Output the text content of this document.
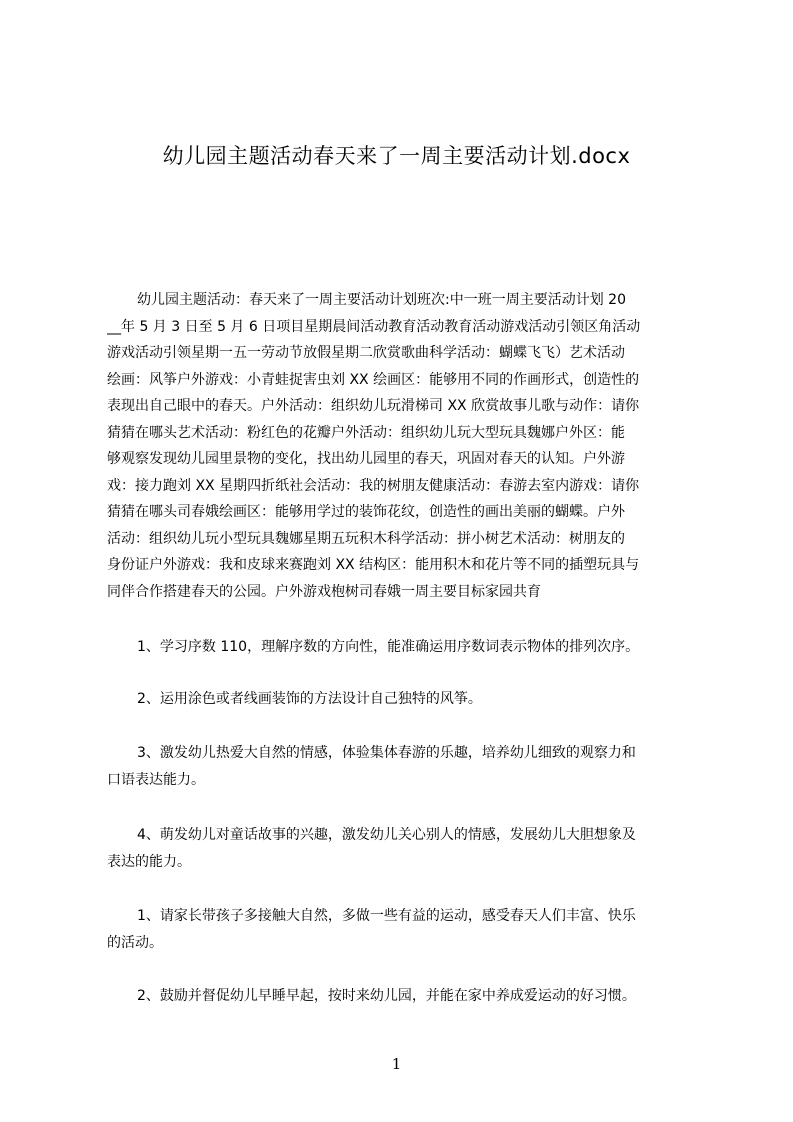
幼儿园主题活动春天来了一周主要活动计划.docx
幼儿园主题活动：春天来了一周主要活动计划班次:中一班一周主要活动计划 20
__年 5 月 3 日至 5 月 6 日项目星期晨间活动教育活动教育活动游戏活动引领区角活动
游戏活动引领星期一五一劳动节放假星期二欣赏歌曲科学活动：蝴蝶飞飞）艺术活动
绘画：风筝户外游戏：小青蛙捉害虫刘 XX 绘画区：能够用不同的作画形式，创造性的
表现出自己眼中的春天。户外活动：组织幼儿玩滑梯司 XX 欣赏故事儿歌与动作：请你
猜猜在哪头艺术活动：粉红色的花瓣户外活动：组织幼儿玩大型玩具魏娜户外区：能
够观察发现幼儿园里景物的变化，找出幼儿园里的春天，巩固对春天的认知。户外游
戏：接力跑刘 XX 星期四折纸社会活动：我的树朋友健康活动：春游去室内游戏：请你
猜猜在哪头司春娥绘画区：能够用学过的装饰花纹，创造性的画出美丽的蝴蝶。户外
活动：组织幼儿玩小型玩具魏娜星期五玩积木科学活动：拼小树艺术活动：树朋友的
身份证户外游戏：我和皮球来赛跑刘 XX 结构区：能用积木和花片等不同的插塑玩具与
同伴合作搭建春天的公园。户外游戏枹树司春娥一周主要目标家园共育
1、学习序数 110，理解序数的方向性，能准确运用序数词表示物体的排列次序。
2、运用涂色或者线画装饰的方法设计自己独特的风筝。
3、激发幼儿热爱大自然的情感，体验集体春游的乐趣，培养幼儿细致的观察力和
口语表达能力。
4、萌发幼儿对童话故事的兴趣，激发幼儿关心别人的情感，发展幼儿大胆想象及
表达的能力。
1、请家长带孩子多接触大自然，多做一些有益的运动，感受春天人们丰富、快乐
的活动。
2、鼓励并督促幼儿早睡早起，按时来幼儿园，并能在家中养成爱运动的好习惯。
1
